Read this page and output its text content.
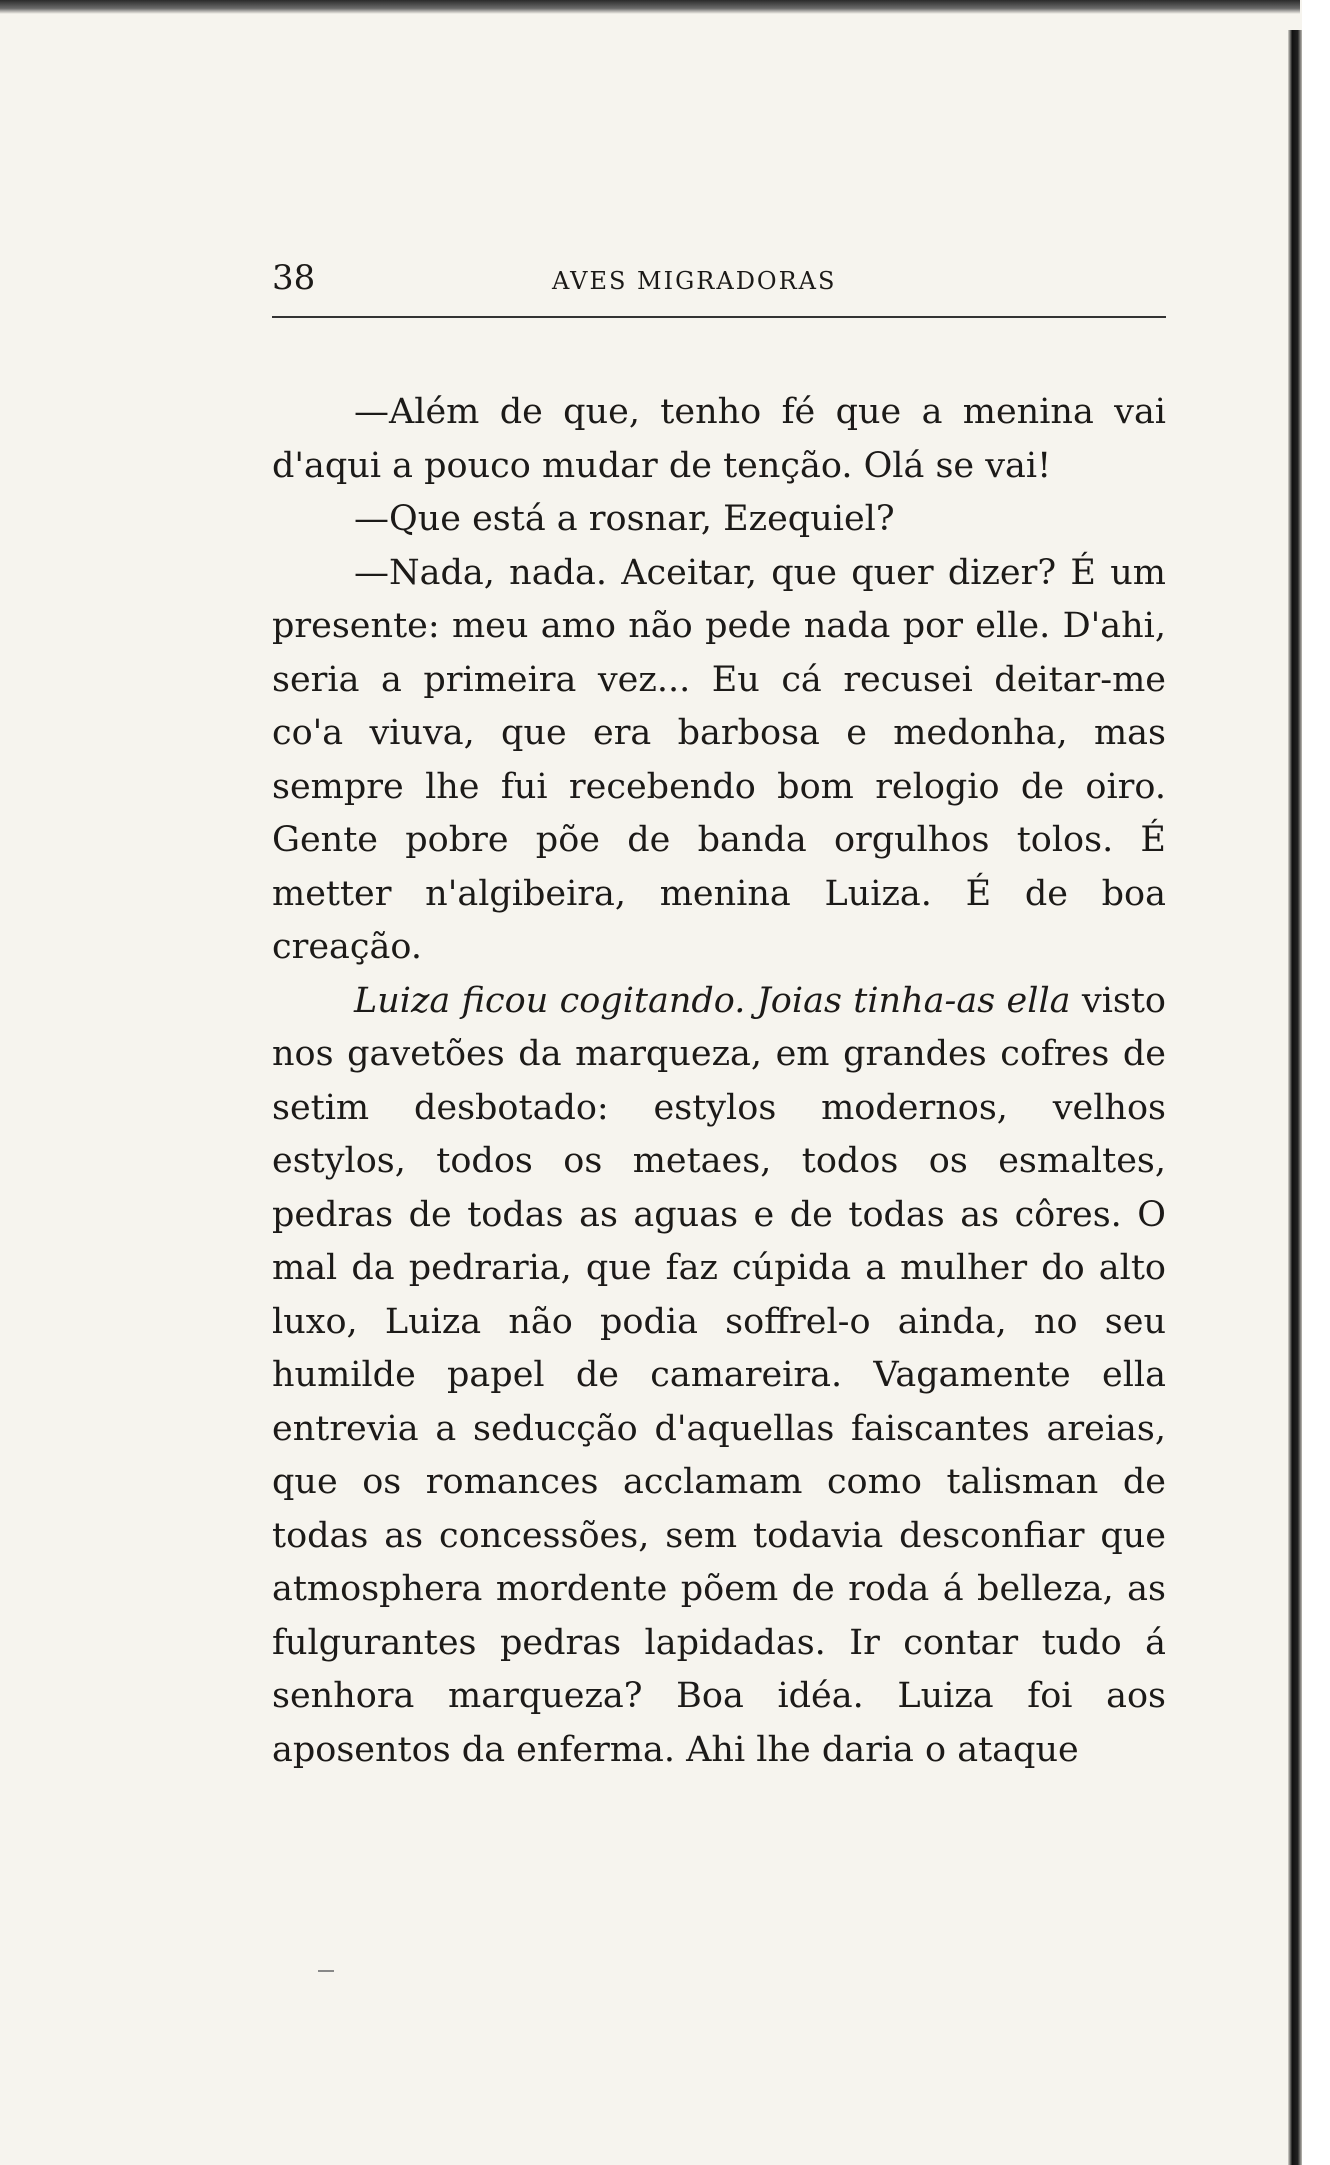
38	AVES MIGRADORAS

—Além de que, tenho fé que a menina vai d'aqui a pouco mudar de tenção. Olá se vai!

—Que está a rosnar, Ezequiel?

—Nada, nada. Aceitar, que quer dizer? É um presente: meu amo não pede nada por elle. D'ahi, seria a primeira vez... Eu cá recusei deitar-me co'a viuva, que era barbosa e medonha, mas sempre lhe fui recebendo bom relogio de oiro. Gente pobre põe de banda orgulhos tolos. É metter n'algibeira, menina Luiza. É de boa creação.

Luiza ficou cogitando. Joias tinha-as ella visto nos gavetões da marqueza, em grandes cofres de setim desbotado: estylos modernos, velhos estylos, todos os metaes, todos os esmaltes, pedras de todas as aguas e de todas as côres. O mal da pedraria, que faz cúpida a mulher do alto luxo, Luiza não podia soffrel-o ainda, no seu humilde papel de camareira. Vagamente ella entrevia a seducção d'aquellas faiscantes areias, que os romances acclamam como talisman de todas as concessões, sem todavia desconfiar que atmosphera mordente põem de roda á belleza, as fulgurantes pedras lapidadas. Ir contar tudo á senhora marqueza? Boa idéa. Luiza foi aos aposentos da enferma. Ahi lhe daria o ataque
